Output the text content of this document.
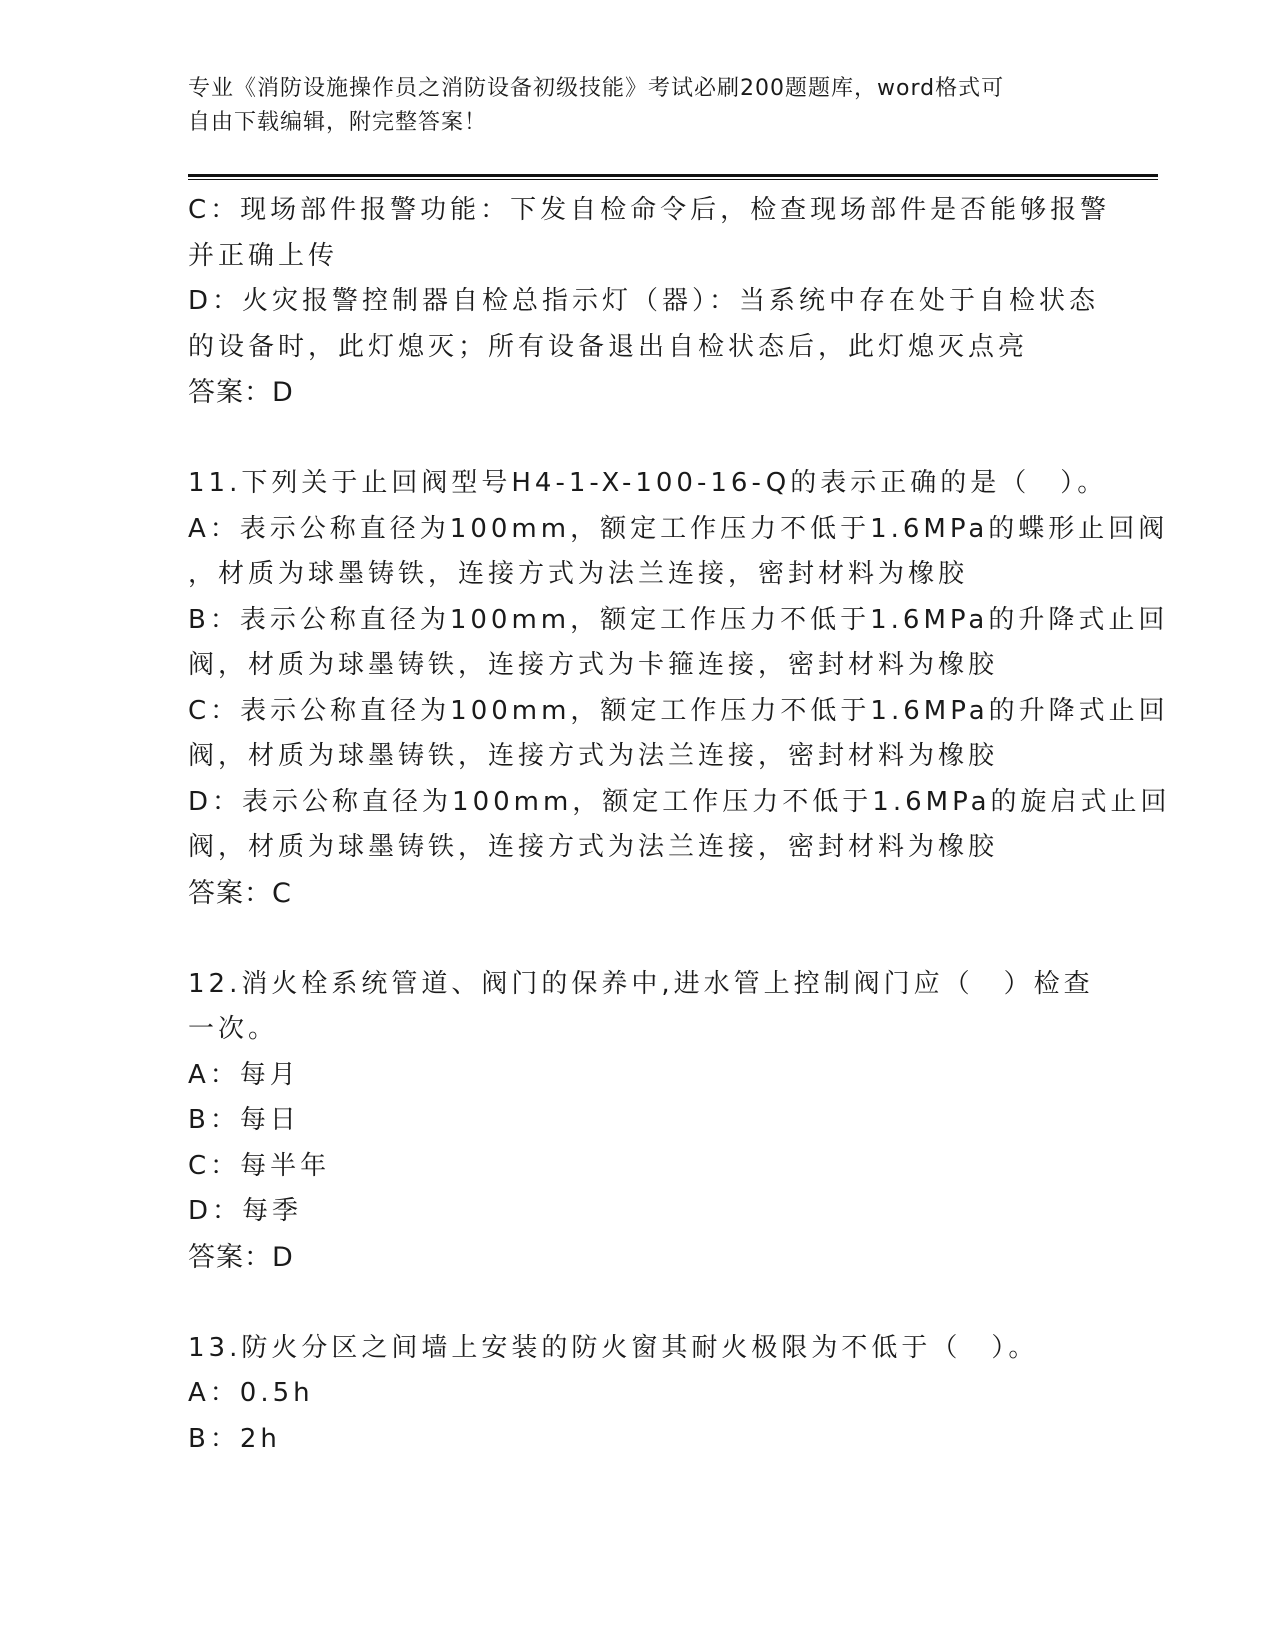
专业《消防设施操作员之消防设备初级技能》考试必刷200题题库，word格式可
自由下载编辑，附完整答案！
C：现场部件报警功能：下发自检命令后，检查现场部件是否能够报警
并正确上传
D：火灾报警控制器自检总指示灯（器）：当系统中存在处于自检状态
的设备时，此灯熄灭；所有设备退出自检状态后，此灯熄灭点亮
答案：D
11.下列关于止回阀型号H4-1-X-100-16-Q的表示正确的是（　）。
A：表示公称直径为100mm，额定工作压力不低于1.6MPa的蝶形止回阀
，材质为球墨铸铁，连接方式为法兰连接，密封材料为橡胶
B：表示公称直径为100mm，额定工作压力不低于1.6MPa的升降式止回
阀，材质为球墨铸铁，连接方式为卡箍连接，密封材料为橡胶
C：表示公称直径为100mm，额定工作压力不低于1.6MPa的升降式止回
阀，材质为球墨铸铁，连接方式为法兰连接，密封材料为橡胶
D：表示公称直径为100mm，额定工作压力不低于1.6MPa的旋启式止回
阀，材质为球墨铸铁，连接方式为法兰连接，密封材料为橡胶
答案：C
12.消火栓系统管道、阀门的保养中,进水管上控制阀门应（　）检查
一次。
A：每月
B：每日
C：每半年
D：每季
答案：D
13.防火分区之间墙上安装的防火窗其耐火极限为不低于（　）。
A：0.5h
B：2h
